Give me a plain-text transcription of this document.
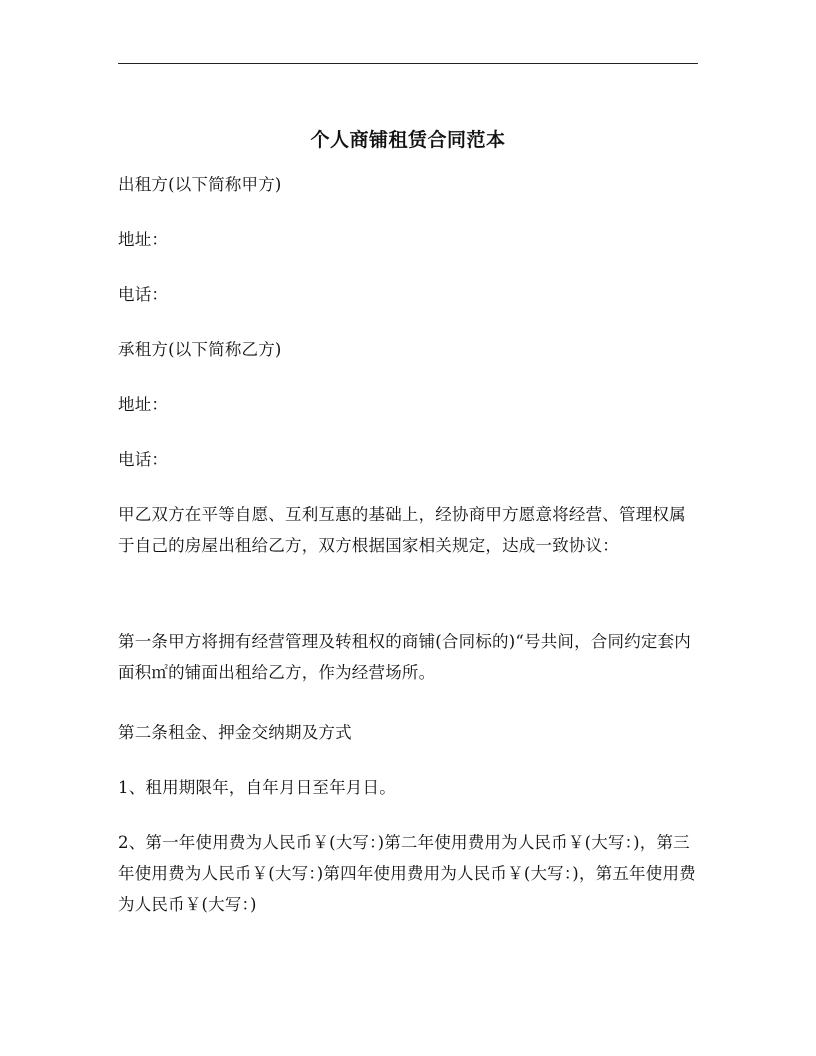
个人商铺租赁合同范本
出租方(以下简称甲方)
地址：
电话：
承租方(以下简称乙方)
地址：
电话：
甲乙双方在平等自愿、互利互惠的基础上，经协商甲方愿意将经营、管理权属于自己的房屋出租给乙方，双方根据国家相关规定，达成一致协议：
第一条甲方将拥有经营管理及转租权的商铺(合同标的)“号共间，合同约定套内面积㎡的铺面出租给乙方，作为经营场所。
第二条租金、押金交纳期及方式
1、租用期限年，自年月日至年月日。
2、第一年使用费为人民币￥(大写：)第二年使用费用为人民币￥(大写：)，第三年使用费为人民币￥(大写：)第四年使用费用为人民币￥(大写：)，第五年使用费为人民币￥(大写：)
